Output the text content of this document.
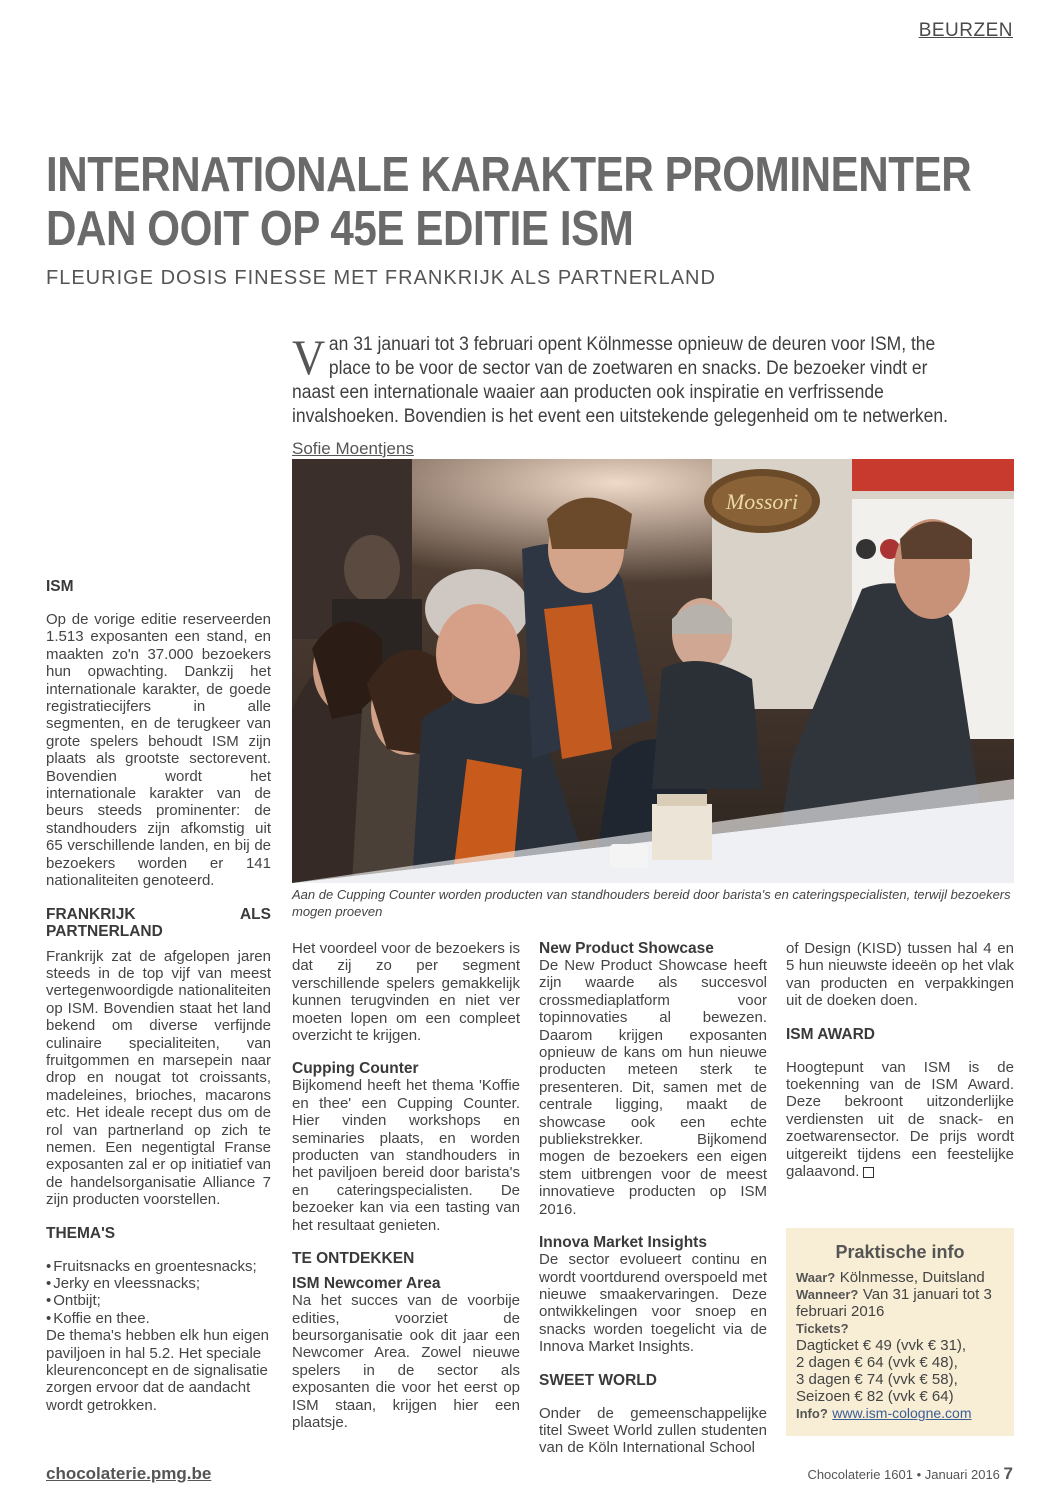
BEURZEN
INTERNATIONALE KARAKTER PROMINENTER
DAN OOIT OP 45E EDITIE ISM
FLEURIGE DOSIS FINESSE MET FRANKRIJK ALS PARTNERLAND
Van 31 januari tot 3 februari opent Kölnmesse opnieuw de deuren voor ISM, the place to be voor de sector van de zoetwaren en snacks. De bezoeker vindt er naast een internationale waaier aan producten ook inspiratie en verfrissende invalshoeken. Bovendien is het event een uitstekende gelegenheid om te netwerken.
Sofie Moentjens
Mossori
Aan de Cupping Counter worden producten van standhouders bereid door barista's en cateringspecialisten, terwijl bezoekers mogen proeven
ISM

Op de vorige editie reserveerden 1.513 exposanten een stand, en maakten zo'n 37.000 bezoekers hun opwachting. Dankzij het internationale karakter, de goede registratiecijfers in alle segmenten, en de terugkeer van grote spelers behoudt ISM zijn plaats als grootste sectorevent. Bovendien wordt het internationale karakter van de beurs steeds prominenter: de standhouders zijn afkomstig uit 65 verschillende landen, en bij de bezoekers worden er 141 nationaliteiten genoteerd.

FRANKRIJK ALS PARTNERLAND

Frankrijk zat de afgelopen jaren steeds in de top vijf van meest vertegenwoordigde nationaliteiten op ISM. Bovendien staat het land bekend om diverse verfijnde culinaire specialiteiten, van fruitgommen en marsepein naar drop en nougat tot croissants, madeleines, brioches, macarons etc. Het ideale recept dus om de rol van partnerland op zich te nemen. Een negentigtal Franse exposanten zal er op initiatief van de handelsorganisatie Alliance 7 zijn producten voorstellen.

THEMA'S
• Fruitsnacks en groentesnacks;
• Jerky en vleessnacks;
• Ontbijt;
• Koffie en thee.

De thema's hebben elk hun eigen paviljoen in hal 5.2. Het speciale kleurenconcept en de signalisatie zorgen ervoor dat de aandacht wordt getrokken.

Het voordeel voor de bezoekers is dat zij zo per segment verschillende spelers gemakkelijk kunnen terugvinden en niet ver moeten lopen om een compleet overzicht te krijgen.

Cupping Counter

Bijkomend heeft het thema 'Koffie en thee' een Cupping Counter. Hier vinden workshops en seminaries plaats, en worden producten van standhouders in het paviljoen bereid door barista's en cateringspecialisten. De bezoeker kan via een tasting van het resultaat genieten.

TE ONTDEKKEN
ISM Newcomer Area

Na het succes van de voorbije edities, voorziet de beursorganisatie ook dit jaar een Newcomer Area. Zowel nieuwe spelers in de sector als exposanten die voor het eerst op ISM staan, krijgen hier een plaatsje.

New Product Showcase

De New Product Showcase heeft zijn waarde als succesvol crossmediaplatform voor topinnovaties al bewezen. Daarom krijgen exposanten opnieuw de kans om hun nieuwe producten meteen sterk te presenteren. Dit, samen met de centrale ligging, maakt de showcase ook een echte publiekstrekker. Bijkomend mogen de bezoekers een eigen stem uitbrengen voor de meest innovatieve producten op ISM 2016.

Innova Market Insights

De sector evolueert continu en wordt voortdurend overspoeld met nieuwe smaakervaringen. Deze ontwikkelingen voor snoep en snacks worden toegelicht via de Innova Market Insights.

SWEET WORLD

Onder de gemeenschappelijke titel Sweet World zullen studenten van de Köln International School

of Design (KISD) tussen hal 4 en 5 hun nieuwste ideeën op het vlak van producten en verpakkingen uit de doeken doen.

ISM AWARD

Hoogtepunt van ISM is de toekenning van de ISM Award. Deze bekroont uitzonderlijke verdiensten uit de snack- en zoetwarensector. De prijs wordt uitgereikt tijdens een feestelijke galaavond.

Praktische info
Waar? Kölnmesse, Duitsland
Wanneer? Van 31 januari tot 3 februari 2016
Tickets?
Dagticket € 49 (vvk € 31),
2 dagen € 64 (vvk € 48),
3 dagen € 74 (vvk € 58),
Seizoen € 82 (vvk € 64)
Info? www.ism-cologne.com
chocolaterie.pmg.be	Chocolaterie 1601 • Januari 2016 7
